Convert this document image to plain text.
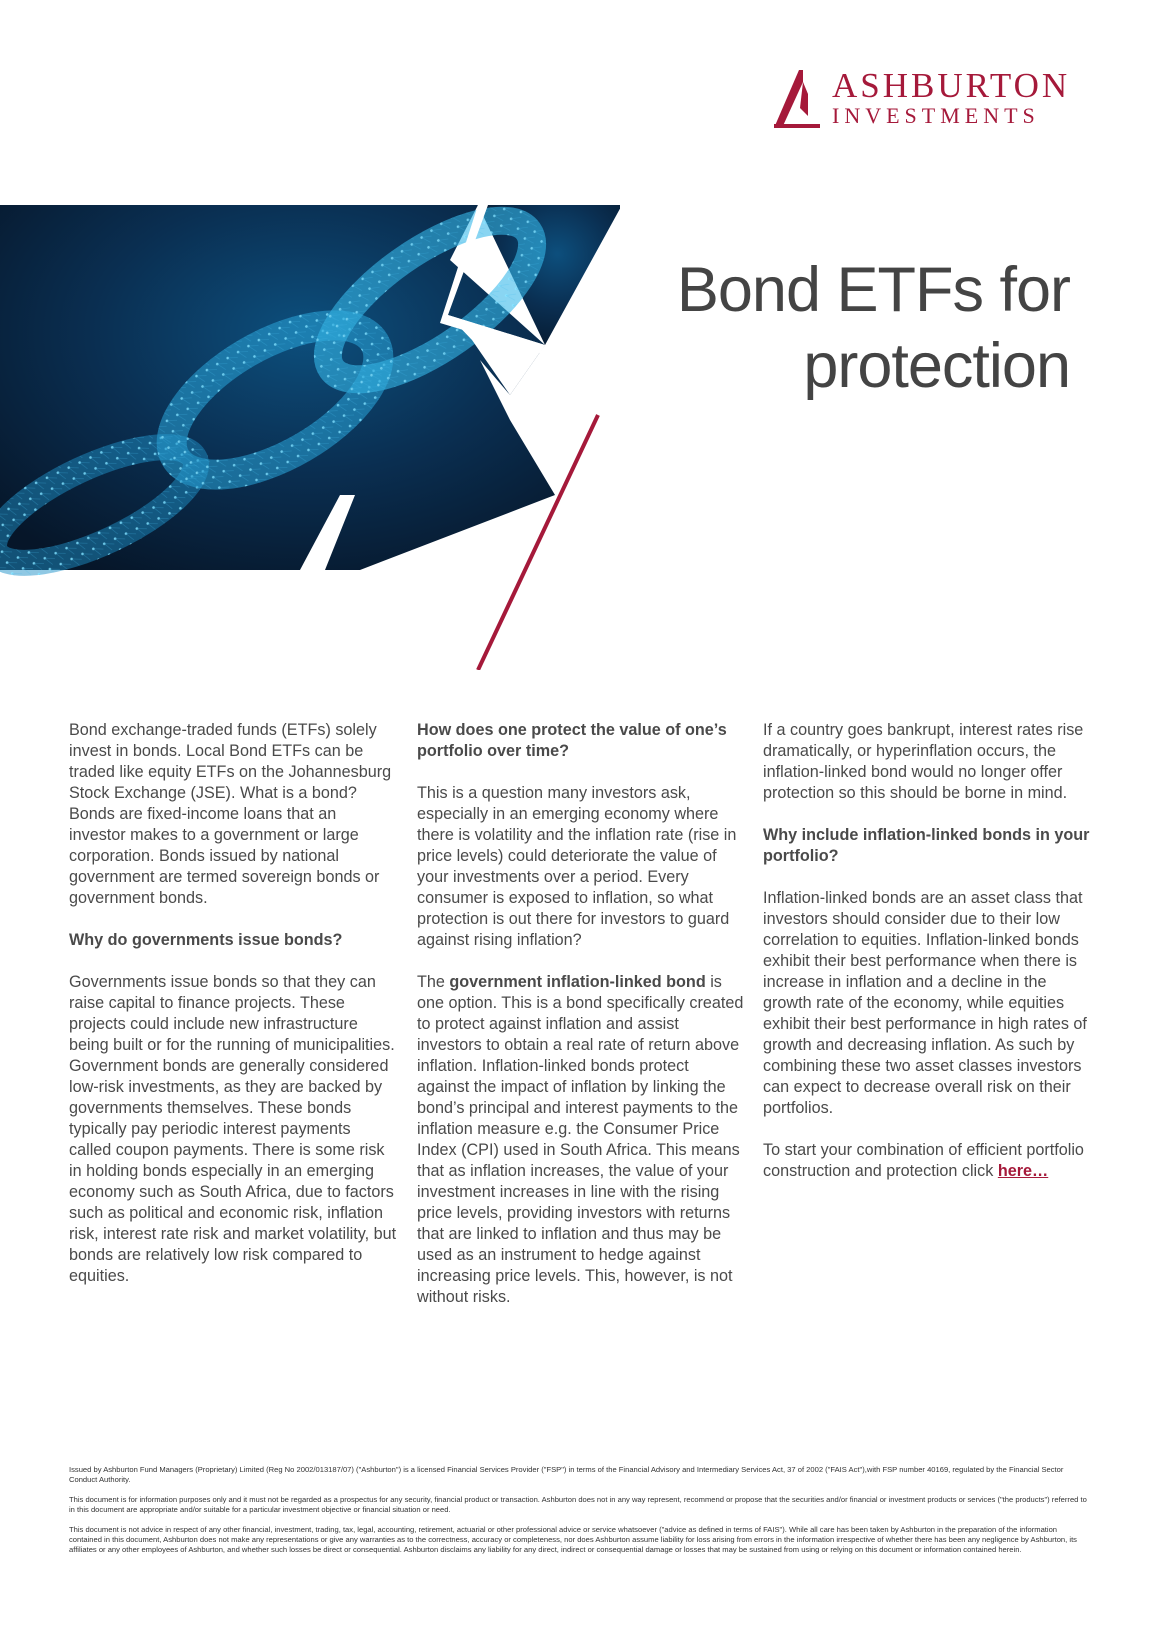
ASHBURTON
INVESTMENTS
Bond ETFs for
protection

Bond exchange-traded funds (ETFs) solely invest in bonds. Local Bond ETFs can be traded like equity ETFs on the Johannesburg Stock Exchange (JSE). What is a bond? Bonds are fixed-income loans that an investor makes to a government or large corporation. Bonds issued by national government are termed sovereign bonds or government bonds.

Why do governments issue bonds?

Governments issue bonds so that they can raise capital to finance projects. These projects could include new infrastructure being built or for the running of municipalities. Government bonds are generally considered low-risk investments, as they are backed by governments themselves. These bonds typically pay periodic interest payments called coupon payments. There is some risk in holding bonds especially in an emerging economy such as South Africa, due to factors such as political and economic risk, inflation risk, interest rate risk and market volatility, but bonds are relatively low risk compared to equities.

How does one protect the value of one’s portfolio over time?

This is a question many investors ask, especially in an emerging economy where there is volatility and the inflation rate (rise in price levels) could deteriorate the value of your investments over a period. Every consumer is exposed to inflation, so what protection is out there for investors to guard against rising inflation?

The government inflation-linked bond is one option. This is a bond specifically created to protect against inflation and assist investors to obtain a real rate of return above inflation. Inflation-linked bonds protect against the impact of inflation by linking the bond’s principal and interest payments to the inflation measure e.g. the Consumer Price Index (CPI) used in South Africa. This means that as inflation increases, the value of your investment increases in line with the rising price levels, providing investors with returns that are linked to inflation and thus may be used as an instrument to hedge against increasing price levels. This, however, is not without risks.

If a country goes bankrupt, interest rates rise dramatically, or hyperinflation occurs, the inflation-linked bond would no longer offer protection so this should be borne in mind.

Why include inflation-linked bonds in your portfolio?

Inflation-linked bonds are an asset class that investors should consider due to their low correlation to equities. Inflation-linked bonds exhibit their best performance when there is increase in inflation and a decline in the growth rate of the economy, while equities exhibit their best performance in high rates of growth and decreasing inflation. As such by combining these two asset classes investors can expect to decrease overall risk on their portfolios.

To start your combination of efficient portfolio construction and protection click here…

Issued by Ashburton Fund Managers (Proprietary) Limited (Reg No 2002/013187/07) ("Ashburton") is a licensed Financial Services Provider ("FSP") in terms of the Financial Advisory and Intermediary Services Act, 37 of 2002 ("FAIS Act"),with FSP number 40169, regulated by the Financial Sector Conduct Authority.

This document is for information purposes only and it must not be regarded as a prospectus for any security, financial product or transaction. Ashburton does not in any way represent, recommend or propose that the securities and/or financial or investment products or services ("the products") referred to in this document are appropriate and/or suitable for a particular investment objective or financial situation or need.

This document is not advice in respect of any other financial, investment, trading, tax, legal, accounting, retirement, actuarial or other professional advice or service whatsoever ("advice as defined in terms of FAIS"). While all care has been taken by Ashburton in the preparation of the information contained in this document, Ashburton does not make any representations or give any warranties as to the correctness, accuracy or completeness, nor does Ashburton assume liability for loss arising from errors in the information irrespective of whether there has been any negligence by Ashburton, its affiliates or any other employees of Ashburton, and whether such losses be direct or consequential. Ashburton disclaims any liability for any direct, indirect or consequential damage or losses that may be sustained from using or relying on this document or information contained herein.
